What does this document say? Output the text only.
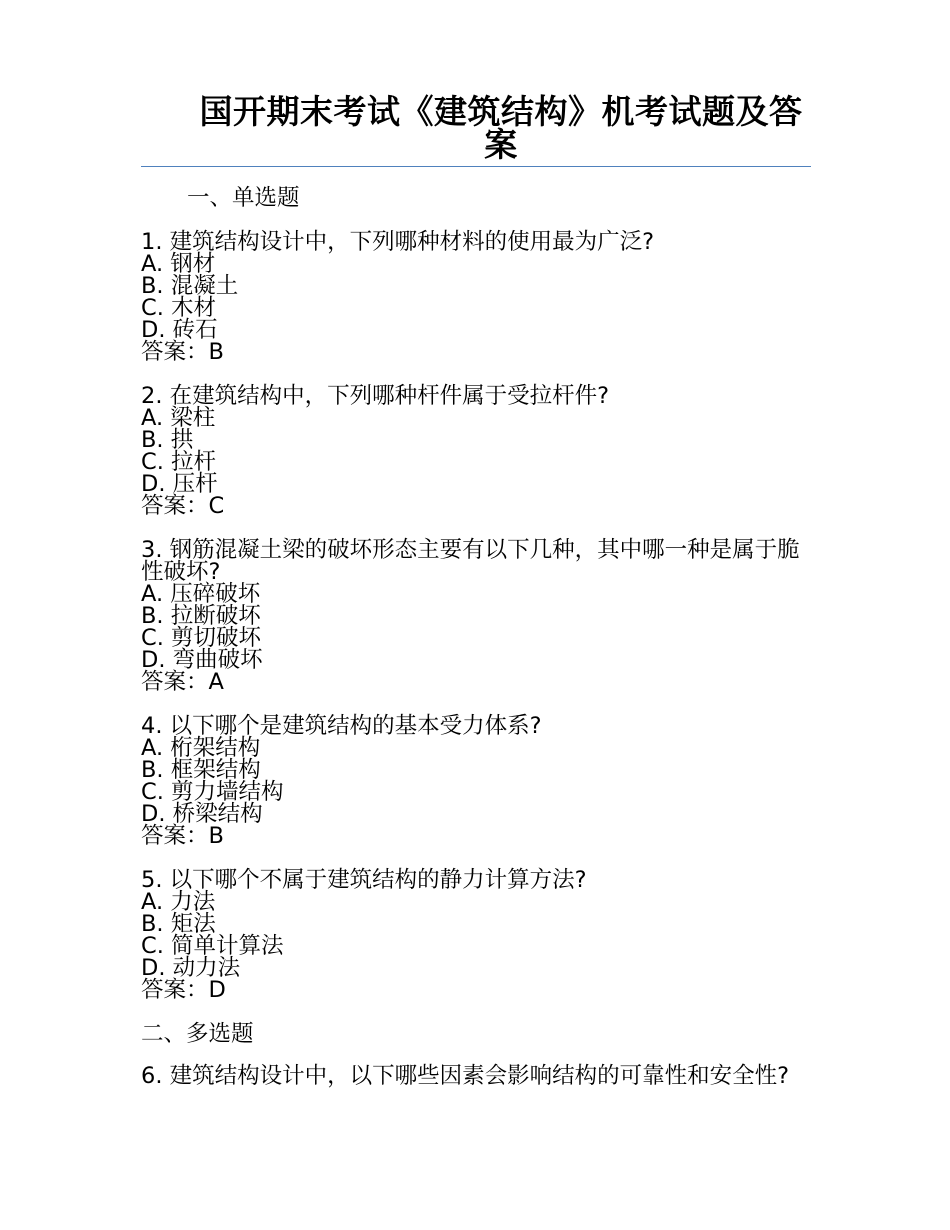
国开期末考试《建筑结构》机考试题及答案
一、单选题
1. 建筑结构设计中，下列哪种材料的使用最为广泛?
A. 钢材
B. 混凝土
C. 木材
D. 砖石
答案：B
2. 在建筑结构中，下列哪种杆件属于受拉杆件?
A. 梁柱
B. 拱
C. 拉杆
D. 压杆
答案：C
3. 钢筋混凝土梁的破坏形态主要有以下几种，其中哪一种是属于脆性破坏?
A. 压碎破坏
B. 拉断破坏
C. 剪切破坏
D. 弯曲破坏
答案：A
4. 以下哪个是建筑结构的基本受力体系?
A. 桁架结构
B. 框架结构
C. 剪力墙结构
D. 桥梁结构
答案：B
5. 以下哪个不属于建筑结构的静力计算方法?
A. 力法
B. 矩法
C. 简单计算法
D. 动力法
答案：D
二、多选题
6. 建筑结构设计中，以下哪些因素会影响结构的可靠性和安全性?
